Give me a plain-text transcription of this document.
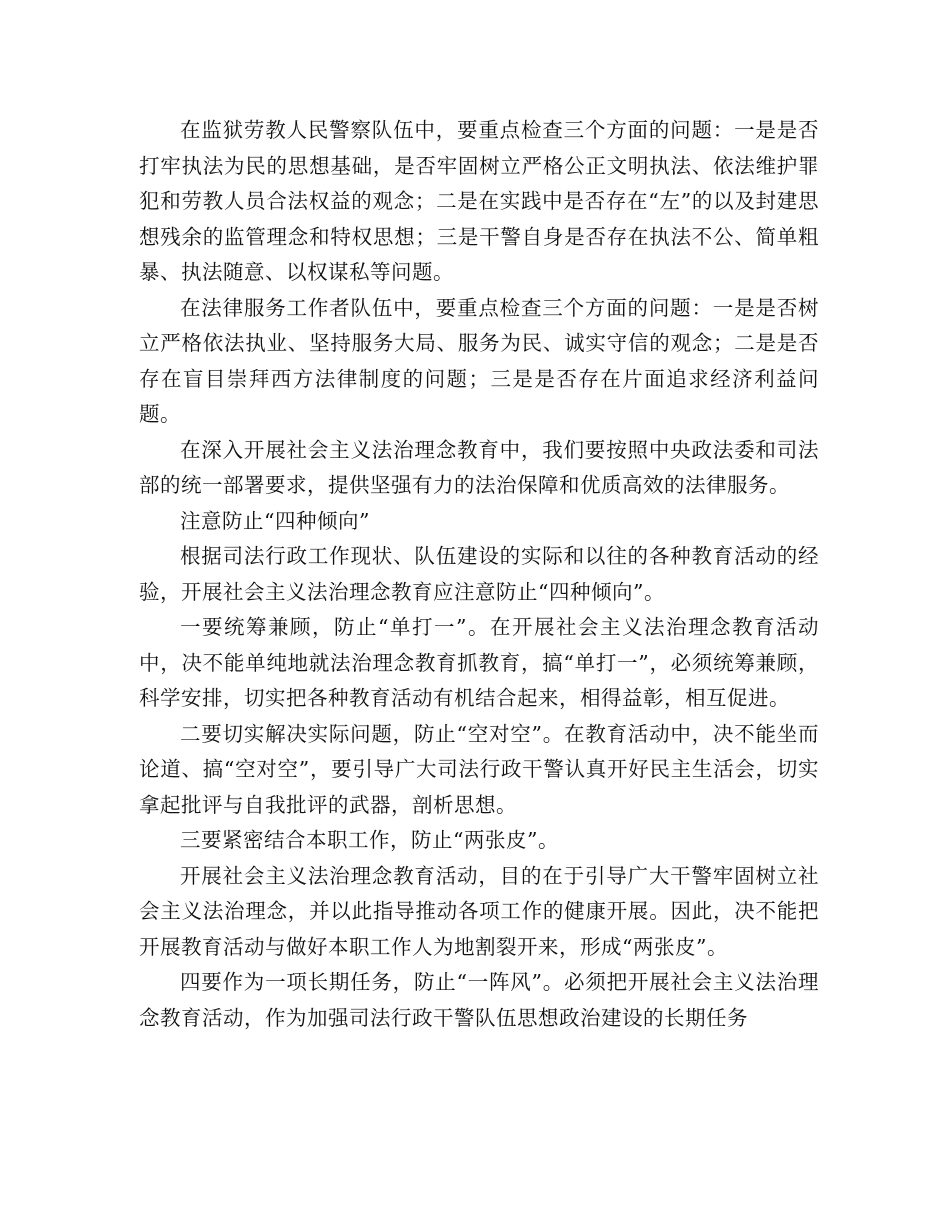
在监狱劳教人民警察队伍中，要重点检查三个方面的问题：一是是否打牢执法为民的思想基础，是否牢固树立严格公正文明执法、依法维护罪犯和劳教人员合法权益的观念；二是在实践中是否存在“左”的以及封建思想残余的监管理念和特权思想；三是干警自身是否存在执法不公、简单粗暴、执法随意、以权谋私等问题。

在法律服务工作者队伍中，要重点检查三个方面的问题：一是是否树立严格依法执业、坚持服务大局、服务为民、诚实守信的观念；二是是否存在盲目崇拜西方法律制度的问题；三是是否存在片面追求经济利益问题。

在深入开展社会主义法治理念教育中，我们要按照中央政法委和司法部的统一部署要求，提供坚强有力的法治保障和优质高效的法律服务。

注意防止“四种倾向”

根据司法行政工作现状、队伍建设的实际和以往的各种教育活动的经验，开展社会主义法治理念教育应注意防止“四种倾向”。

一要统筹兼顾，防止“单打一”。在开展社会主义法治理念教育活动中，决不能单纯地就法治理念教育抓教育，搞“单打一”，必须统筹兼顾，科学安排，切实把各种教育活动有机结合起来，相得益彰，相互促进。

二要切实解决实际问题，防止“空对空”。在教育活动中，决不能坐而论道、搞“空对空”，要引导广大司法行政干警认真开好民主生活会，切实拿起批评与自我批评的武器，剖析思想。

三要紧密结合本职工作，防止“两张皮”。

开展社会主义法治理念教育活动，目的在于引导广大干警牢固树立社会主义法治理念，并以此指导推动各项工作的健康开展。因此，决不能把开展教育活动与做好本职工作人为地割裂开来，形成“两张皮”。

四要作为一项长期任务，防止“一阵风”。必须把开展社会主义法治理念教育活动，作为加强司法行政干警队伍思想政治建设的长期任务
